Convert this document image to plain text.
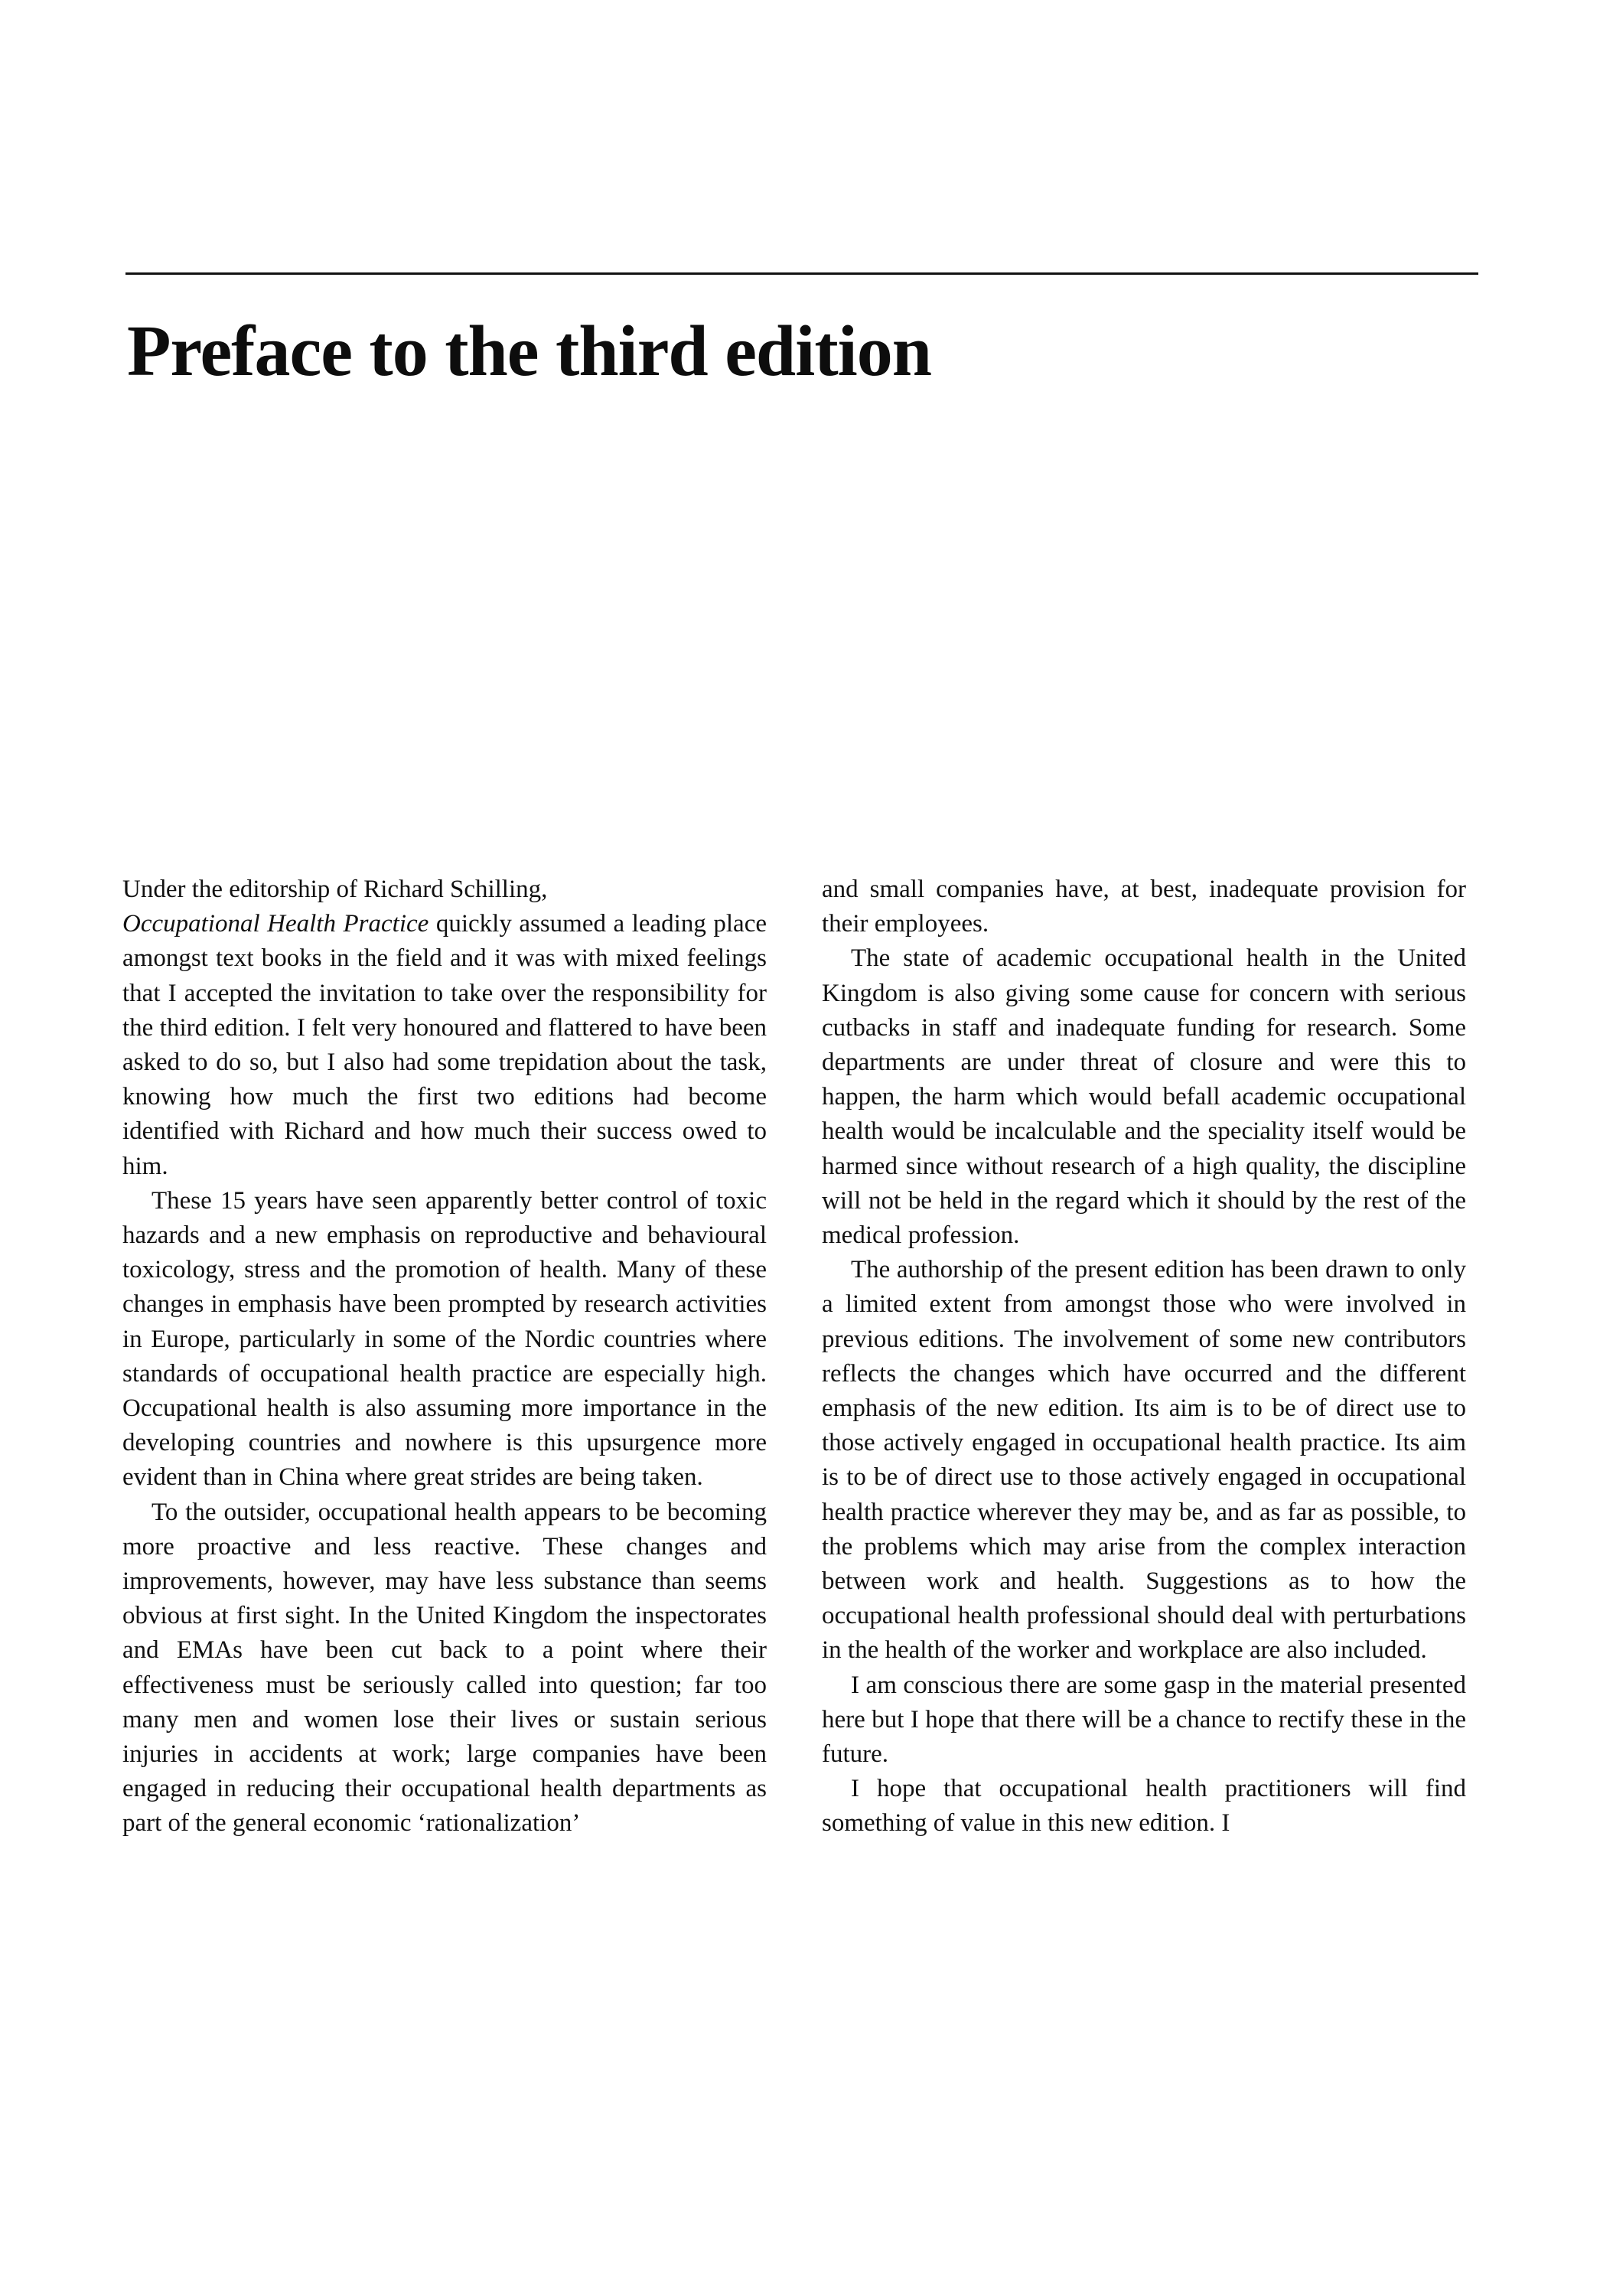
Preface to the third edition

Under the editorship of Richard Schilling,
Occupational Health Practice quickly assumed a leading place amongst text books in the field and it was with mixed feelings that I accepted the invitation to take over the responsibility for the third edition. I felt very honoured and flattered to have been asked to do so, but I also had some trepidation about the task, knowing how much the first two editions had become identified with Richard and how much their success owed to him.

These 15 years have seen apparently better control of toxic hazards and a new emphasis on reproductive and behavioural toxicology, stress and the promotion of health. Many of these changes in emphasis have been prompted by research activities in Europe, particularly in some of the Nordic countries where standards of occupational health practice are especially high. Occupational health is also assuming more importance in the developing countries and nowhere is this upsurgence more evident than in China where great strides are being taken.

To the outsider, occupational health appears to be becoming more proactive and less reactive. These changes and improvements, however, may have less substance than seems obvious at first sight. In the United Kingdom the inspectorates and EMAs have been cut back to a point where their effectiveness must be seriously called into question; far too many men and women lose their lives or sustain serious injuries in accidents at work; large companies have been engaged in reducing their occupational health departments as part of the general economic ‘rationalization’

and small companies have, at best, inadequate provision for their employees.

The state of academic occupational health in the United Kingdom is also giving some cause for concern with serious cutbacks in staff and inadequate funding for research. Some departments are under threat of closure and were this to happen, the harm which would befall academic occupational health would be incalculable and the speciality itself would be harmed since without research of a high quality, the discipline will not be held in the regard which it should by the rest of the medical profession.

The authorship of the present edition has been drawn to only a limited extent from amongst those who were involved in previous editions. The involvement of some new contributors reflects the changes which have occurred and the different emphasis of the new edition. Its aim is to be of direct use to those actively engaged in occupational health practice. Its aim is to be of direct use to those actively engaged in occupational health practice wherever they may be, and as far as possible, to the problems which may arise from the complex interaction between work and health. Suggestions as to how the occupational health professional should deal with perturbations in the health of the worker and workplace are also included.

I am conscious there are some gasp in the material presented here but I hope that there will be a chance to rectify these in the future.

I hope that occupational health practitioners will find something of value in this new edition. I
